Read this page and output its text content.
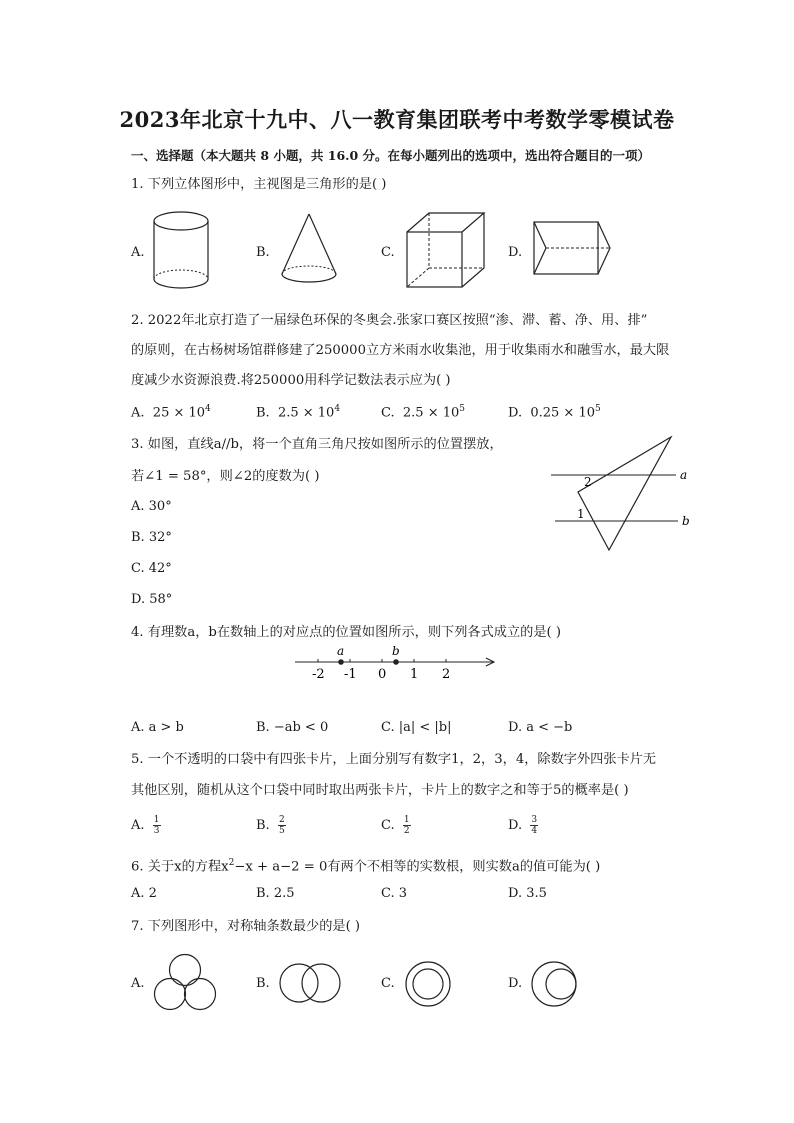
2023年北京十九中、八一教育集团联考中考数学零模试卷
一、选择题（本大题共 8 小题，共 16.0 分。在每小题列出的选项中，选出符合题目的一项）
1. 下列立体图形中，主视图是三角形的是( )
A.	B.	C.	D.
2. 2022年北京打造了一届绿色环保的冬奥会.张家口赛区按照“渗、滞、蓄、净、用、排”
的原则，在古杨树场馆群修建了250000立方米雨水收集池，用于收集雨水和融雪水，最大限
度减少水资源浪费.将250000用科学记数法表示应为( )
A. $25 \times 10^4$	B. $2.5 \times 10^4$	C. $2.5 \times 10^5$	D. $0.25 \times 10^5$
3. 如图，直线a//b，将一个直角三角尺按如图所示的位置摆放，
若∠1 = 58°，则∠2的度数为( )
A. 30°
B. 32°
C. 42°
D. 58°
a
b
2
1
4. 有理数a，b在数轴上的对应点的位置如图所示，则下列各式成立的是( )
-2 -1 0 1 2
a	b
A. a > b	B. −ab < 0	C. |a| < |b|	D. a < −b
5. 一个不透明的口袋中有四张卡片，上面分别写有数字1，2，3，4，除数字外四张卡片无
其他区别，随机从这个口袋中同时取出两张卡片，卡片上的数字之和等于5的概率是( )
A. $\frac{1}{3}$	B. $\frac{2}{5}$	C. $\frac{1}{2}$	D. $\frac{3}{4}$
6. 关于x的方程$x^2-x + a-2 = 0$有两个不相等的实数根，则实数a的值可能为( )
A. 2	B. 2.5	C. 3	D. 3.5
7. 下列图形中，对称轴条数最少的是( )
A.	B.	C.	D.
